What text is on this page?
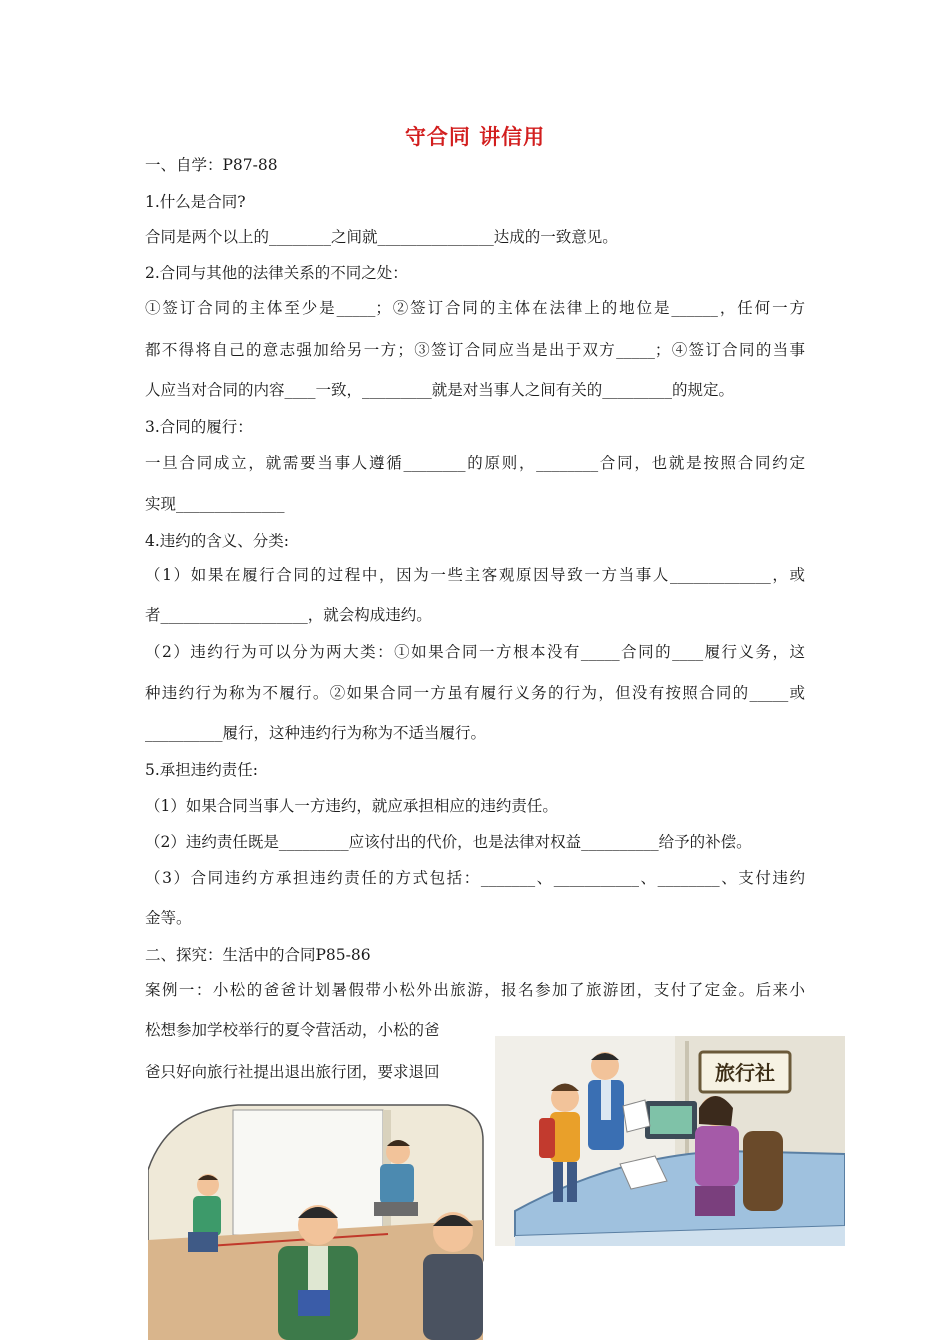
守合同 讲信用
一、自学：P87-88
1.什么是合同?
合同是两个以上的________之间就_______________达成的一致意见。
2.合同与其他的法律关系的不同之处：
①签订合同的主体至少是_____；②签订合同的主体在法律上的地位是______，任何一方
都不得将自己的意志强加给另一方；③签订合同应当是出于双方_____；④签订合同的当事
人应当对合同的内容____一致，_________就是对当事人之间有关的_________的规定。
3.合同的履行：
一旦合同成立，就需要当事人遵循________的原则，________合同，也就是按照合同约定
实现______________
4.违约的含义、分类:
（1）如果在履行合同的过程中，因为一些主客观原因导致一方当事人_____________，或
者___________________，就会构成违约。
（2）违约行为可以分为两大类：①如果合同一方根本没有_____合同的____履行义务，这
种违约行为称为不履行。②如果合同一方虽有履行义务的行为，但没有按照合同的_____或
__________履行，这种违约行为称为不适当履行。
5.承担违约责任:
（1）如果合同当事人一方违约，就应承担相应的违约责任。
（2）违约责任既是_________应该付出的代价，也是法律对权益__________给予的补偿。
（3）合同违约方承担违约责任的方式包括：_______、___________、________、支付违约
金等。
二、探究：生活中的合同P85-86
案例一：小松的爸爸计划暑假带小松外出旅游，报名参加了旅游团，支付了定金。后来小
松想参加学校举行的夏令营活动，小松的爸
爸只好向旅行社提出退出旅行团，要求退回	旅行社
